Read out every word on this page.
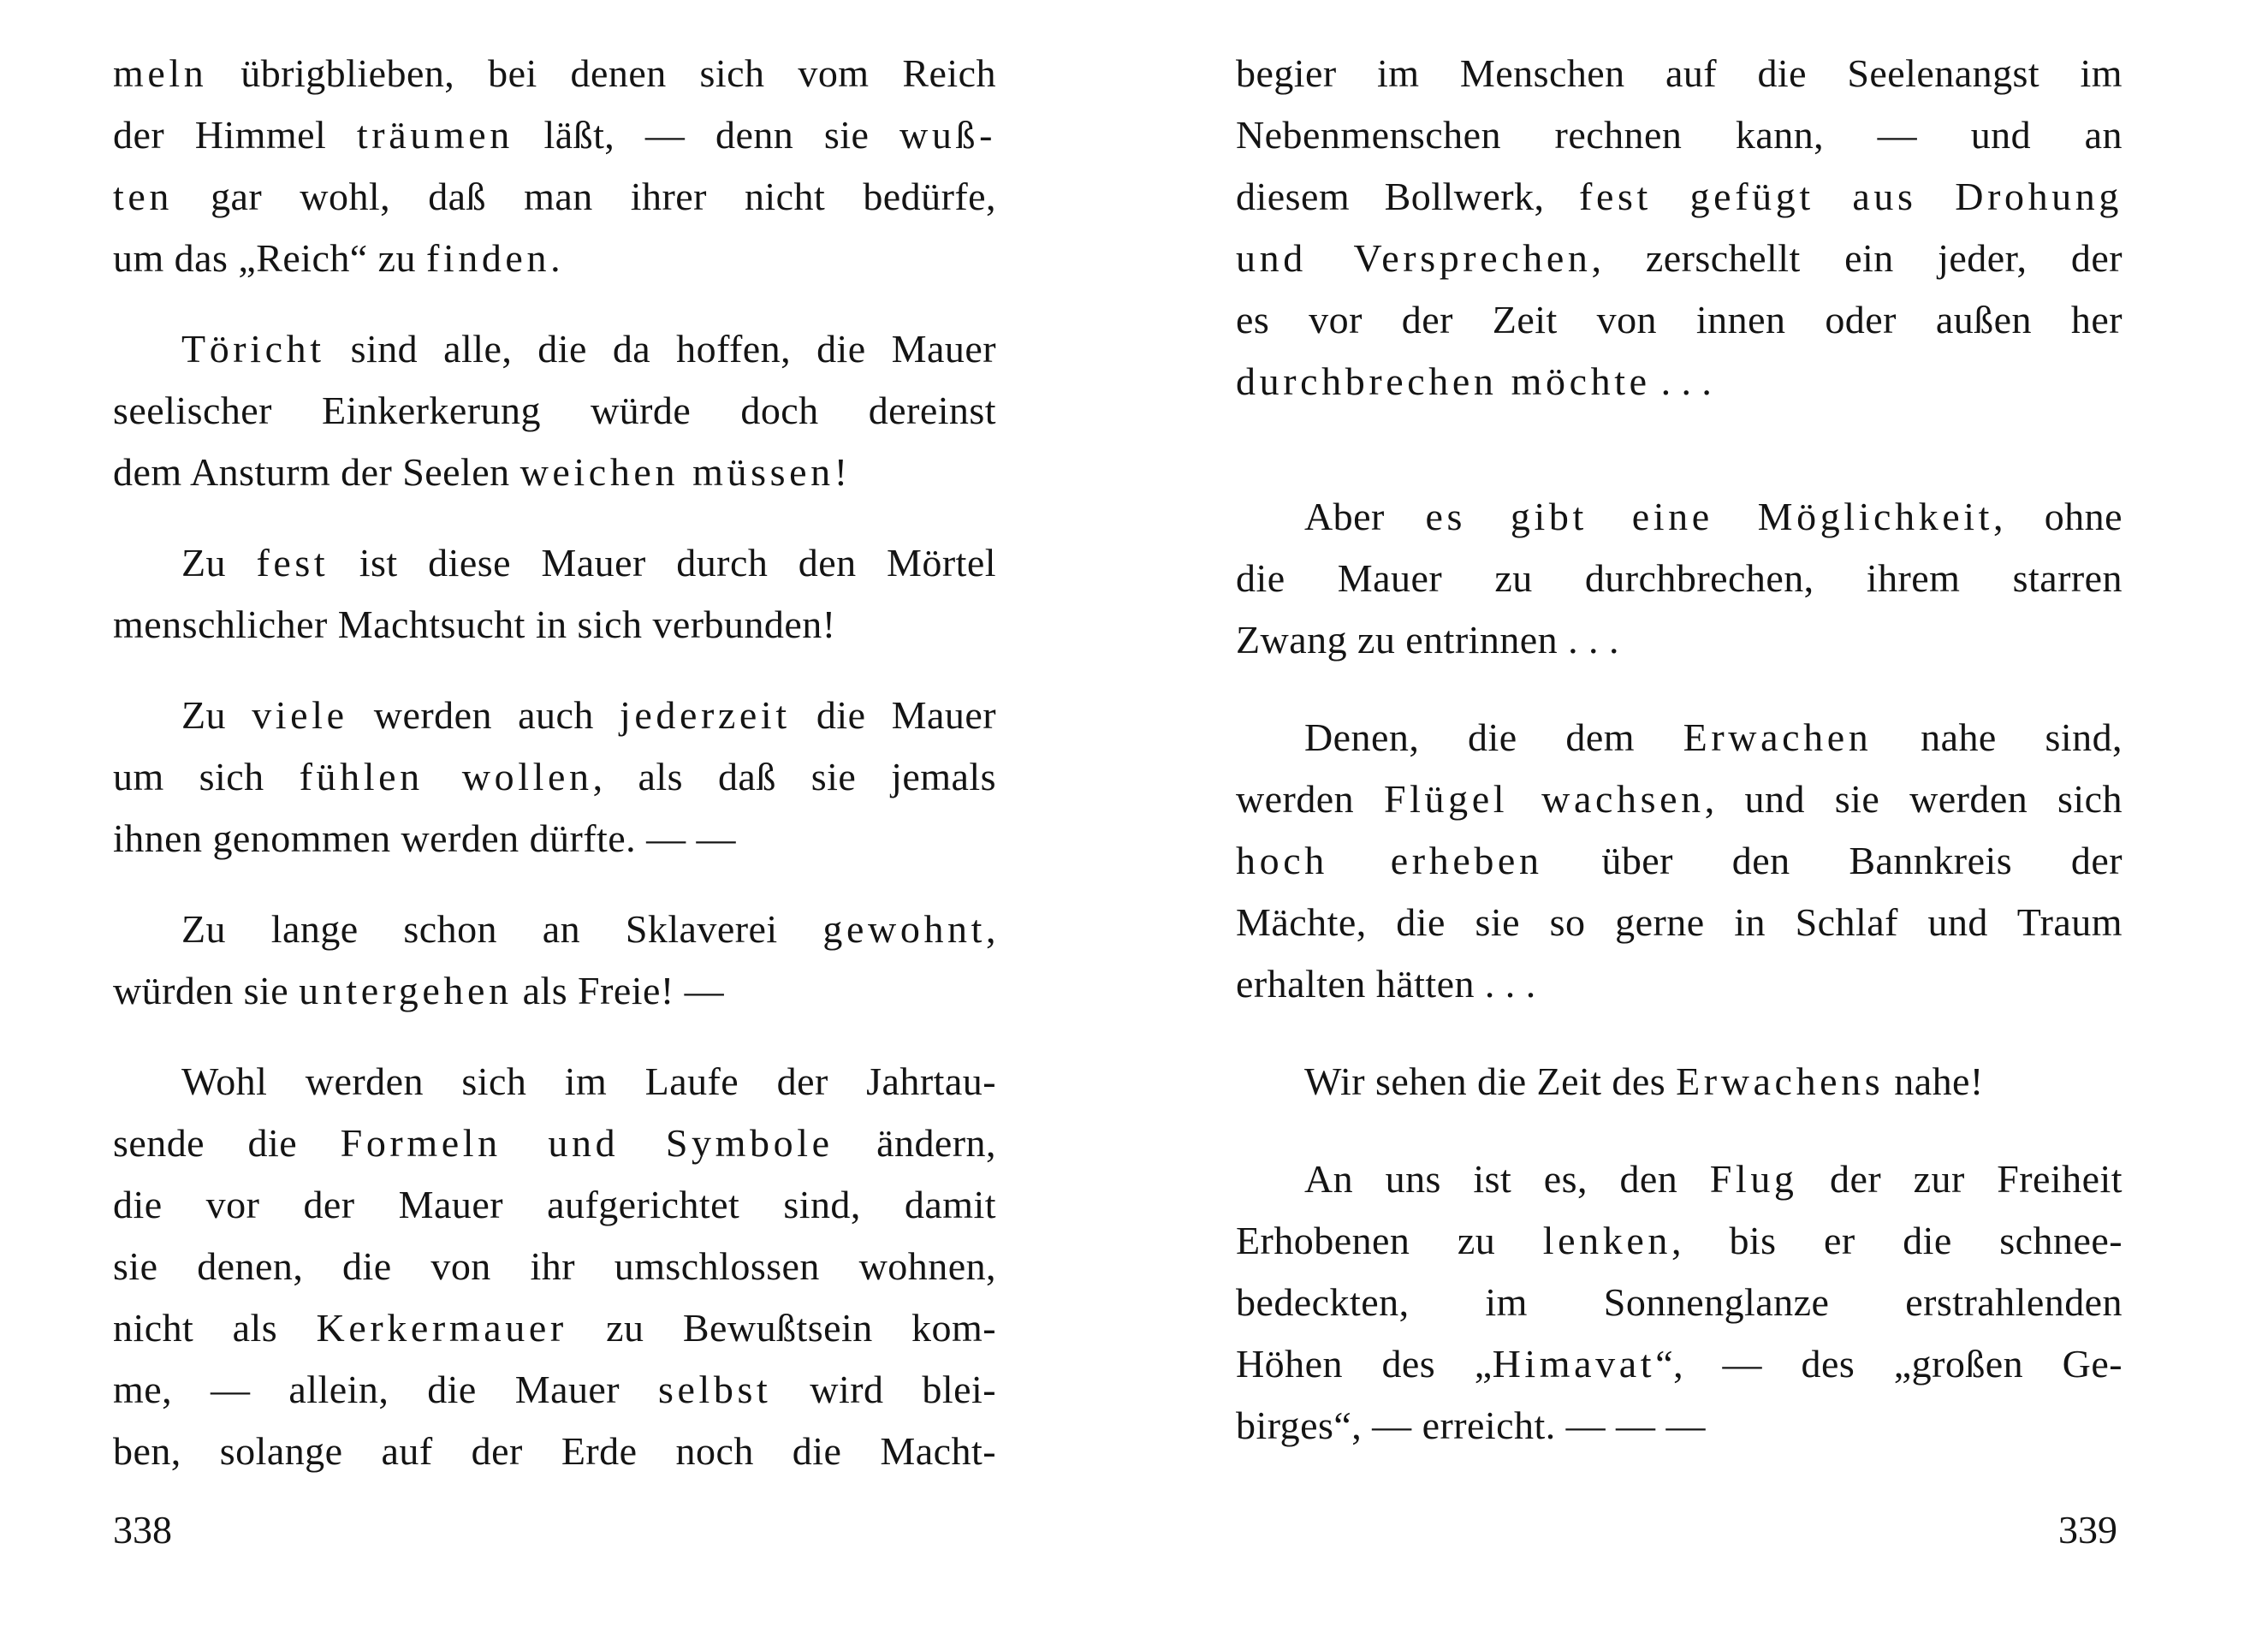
meln übrigblieben, bei denen sich vom Reich
der Himmel träumen läßt, — denn sie wuß-
ten gar wohl, daß man ihrer nicht bedürfe,
um das „Reich“ zu finden.
Töricht sind alle, die da hoffen, die Mauer
seelischer Einkerkerung würde doch dereinst
dem Ansturm der Seelen weichen müssen!
Zu fest ist diese Mauer durch den Mörtel
menschlicher Machtsucht in sich verbunden!
Zu viele werden auch jederzeit die Mauer
um sich fühlen wollen, als daß sie jemals
ihnen genommen werden dürfte. — —
Zu lange schon an Sklaverei gewohnt,
würden sie untergehen als Freie! —
Wohl werden sich im Laufe der Jahrtau-
sende die Formeln und Symbole ändern,
die vor der Mauer aufgerichtet sind, damit
sie denen, die von ihr umschlossen wohnen,
nicht als Kerkermauer zu Bewußtsein kom-
me, — allein, die Mauer selbst wird blei-
ben, solange auf der Erde noch die Macht-
338
begier im Menschen auf die Seelenangst im
Nebenmenschen rechnen kann, — und an
diesem Bollwerk, fest gefügt aus Drohung
und Versprechen, zerschellt ein jeder, der
es vor der Zeit von innen oder außen her
durchbrechen möchte . . .
Aber es gibt eine Möglichkeit, ohne
die Mauer zu durchbrechen, ihrem starren
Zwang zu entrinnen . . .
Denen, die dem Erwachen nahe sind,
werden Flügel wachsen, und sie werden sich
hoch erheben über den Bannkreis der
Mächte, die sie so gerne in Schlaf und Traum
erhalten hätten . . .
Wir sehen die Zeit des Erwachens nahe!
An uns ist es, den Flug der zur Freiheit
Erhobenen zu lenken, bis er die schnee-
bedeckten, im Sonnenglanze erstrahlenden
Höhen des „Himavat“, — des „großen Ge-
birges“, — erreicht. — — —
339
